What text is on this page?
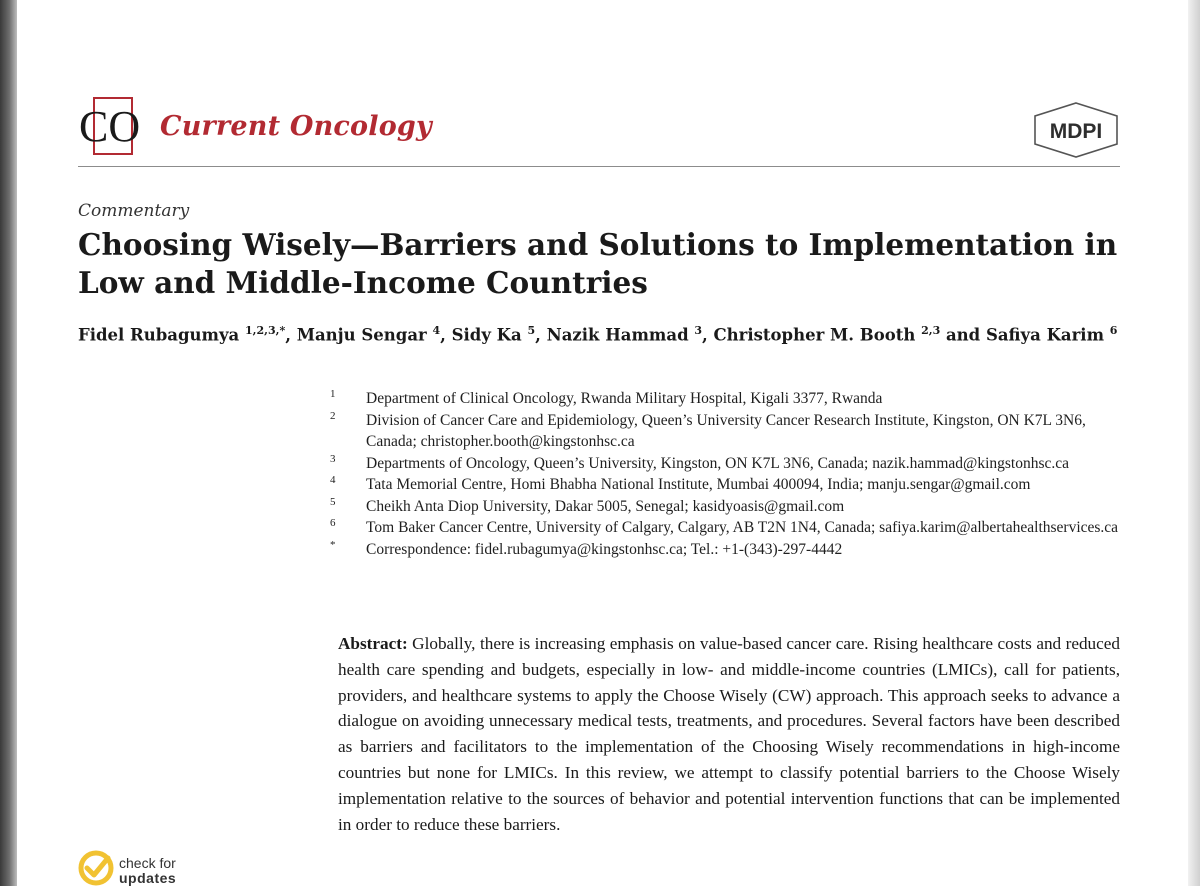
CO Current Oncology	MDPI
Commentary
Choosing Wisely—Barriers and Solutions to Implementation in Low and Middle-Income Countries
Fidel Rubagumya $^{1,2,3,*}$, Manju Sengar $^4$, Sidy Ka $^5$, Nazik Hammad $^3$, Christopher M. Booth $^{2,3}$ and Safiya Karim $^6$
1 Department of Clinical Oncology, Rwanda Military Hospital, Kigali 3377, Rwanda
2 Division of Cancer Care and Epidemiology, Queen’s University Cancer Research Institute, Kingston, ON K7L 3N6, Canada; christopher.booth@kingstonhsc.ca
3 Departments of Oncology, Queen’s University, Kingston, ON K7L 3N6, Canada; nazik.hammad@kingstonhsc.ca
4 Tata Memorial Centre, Homi Bhabha National Institute, Mumbai 400094, India; manju.sengar@gmail.com
5 Cheikh Anta Diop University, Dakar 5005, Senegal; kasidyoasis@gmail.com
6 Tom Baker Cancer Centre, University of Calgary, Calgary, AB T2N 1N4, Canada; safiya.karim@albertahealthservices.ca
* Correspondence: fidel.rubagumya@kingstonhsc.ca; Tel.: +1-(343)-297-4442

Abstract: Globally, there is increasing emphasis on value-based cancer care. Rising healthcare costs and reduced health care spending and budgets, especially in low- and middle-income countries (LMICs), call for patients, providers, and healthcare systems to apply the Choose Wisely (CW) approach. This approach seeks to advance a dialogue on avoiding unnecessary medical tests, treatments, and procedures. Several factors have been described as barriers and facilitators to the implementation of the Choosing Wisely recommendations in high-income countries but none for LMICs. In this review, we attempt to classify potential barriers to the Choose Wisely implementation relative to the sources of behavior and potential intervention functions that can be implemented in order to reduce these barriers.

check for
updates
